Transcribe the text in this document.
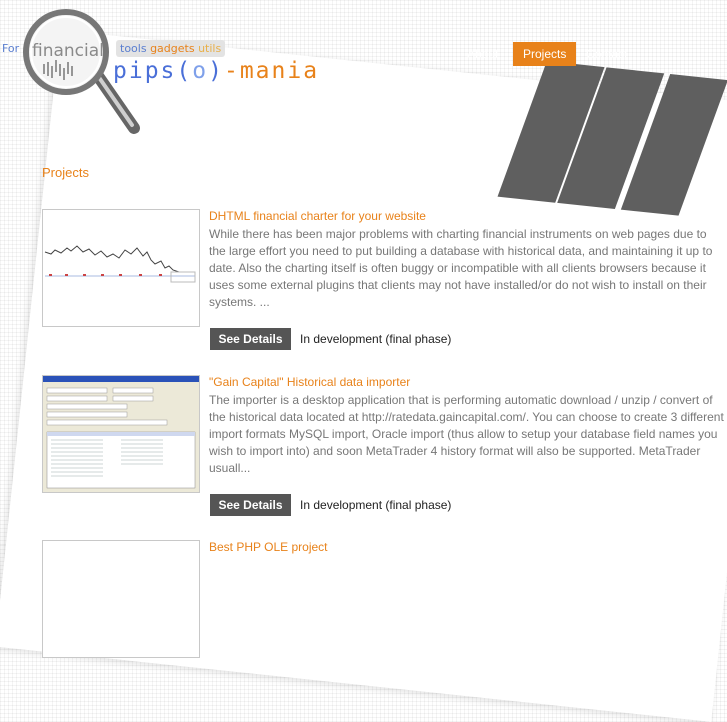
For financial	tools gadgets utils
pips(o)-mania
About	Projects	Contact
Projects
DHTML financial charter for your website
While there has been major problems with charting financial instruments on web pages due to the large effort you need to put building a database with historical data, and maintaining it up to date. Also the charting itself is often buggy or incompatible with all clients browsers because it uses some external plugins that clients may not have installed/or do not wish to install on their systems. ...
See Details	In development (final phase)
"Gain Capital" Historical data importer
The importer is a desktop application that is performing automatic download / unzip / convert of the historical data located at http://ratedata.gaincapital.com/. You can choose to create 3 different import formats MySQL import, Oracle import (thus allow to setup your database field names you wish to import into) and soon MetaTrader 4 history format will also be supported. MetaTrader usuall...
See Details	In development (final phase)
Best PHP OLE project
